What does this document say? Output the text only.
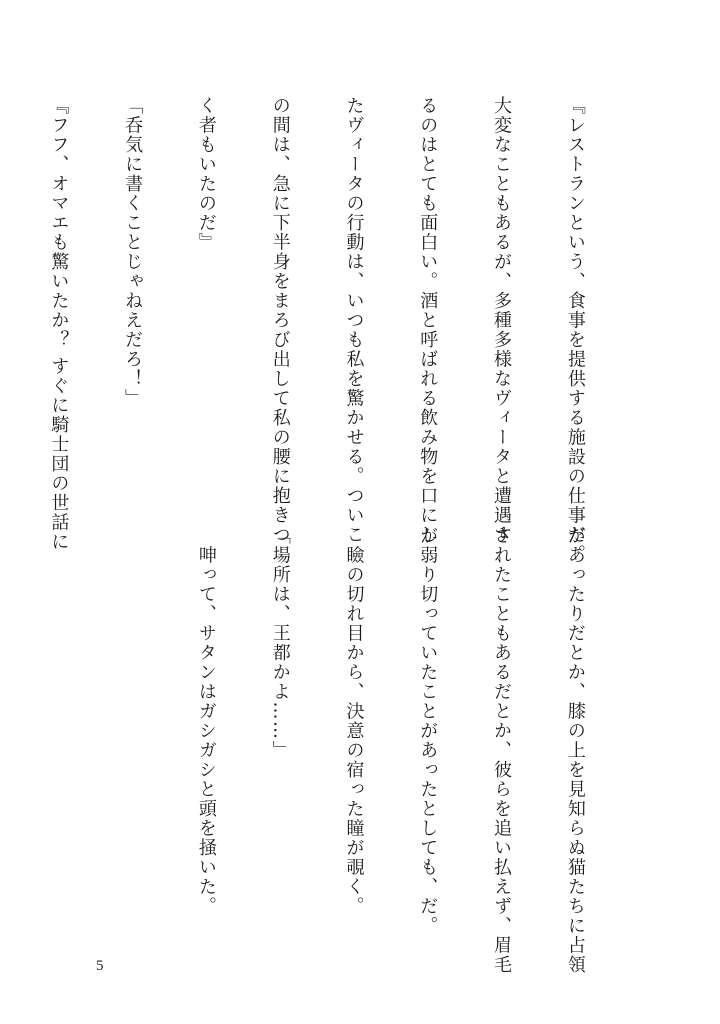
『レストランという、食事を提供する施設の仕事だ。

大変なこともあるが、多種多様なヴィータと遭遇す

るのはとても面白い。酒と呼ばれる飲み物を口にし

たヴィータの行動は、いつも私を驚かせる。ついこ

の間は、急に下半身をまろび出して私の腰に抱きつ

く者もいたのだ』

「呑気に書くことじゃねえだろ！」

『フフ、オマエも驚いたか？ すぐに騎士団の世話に

があったりだとか、膝の上を見知らぬ猫たちに占領

されたこともあるだとか、彼らを追い払えず、眉毛

が弱り切っていたことがあったとしても、だ。

　瞼の切れ目から、決意の宿った瞳が覗く。

「場所は、王都かよ……」

　呻って、サタンはガシガシと頭を掻いた。

5
